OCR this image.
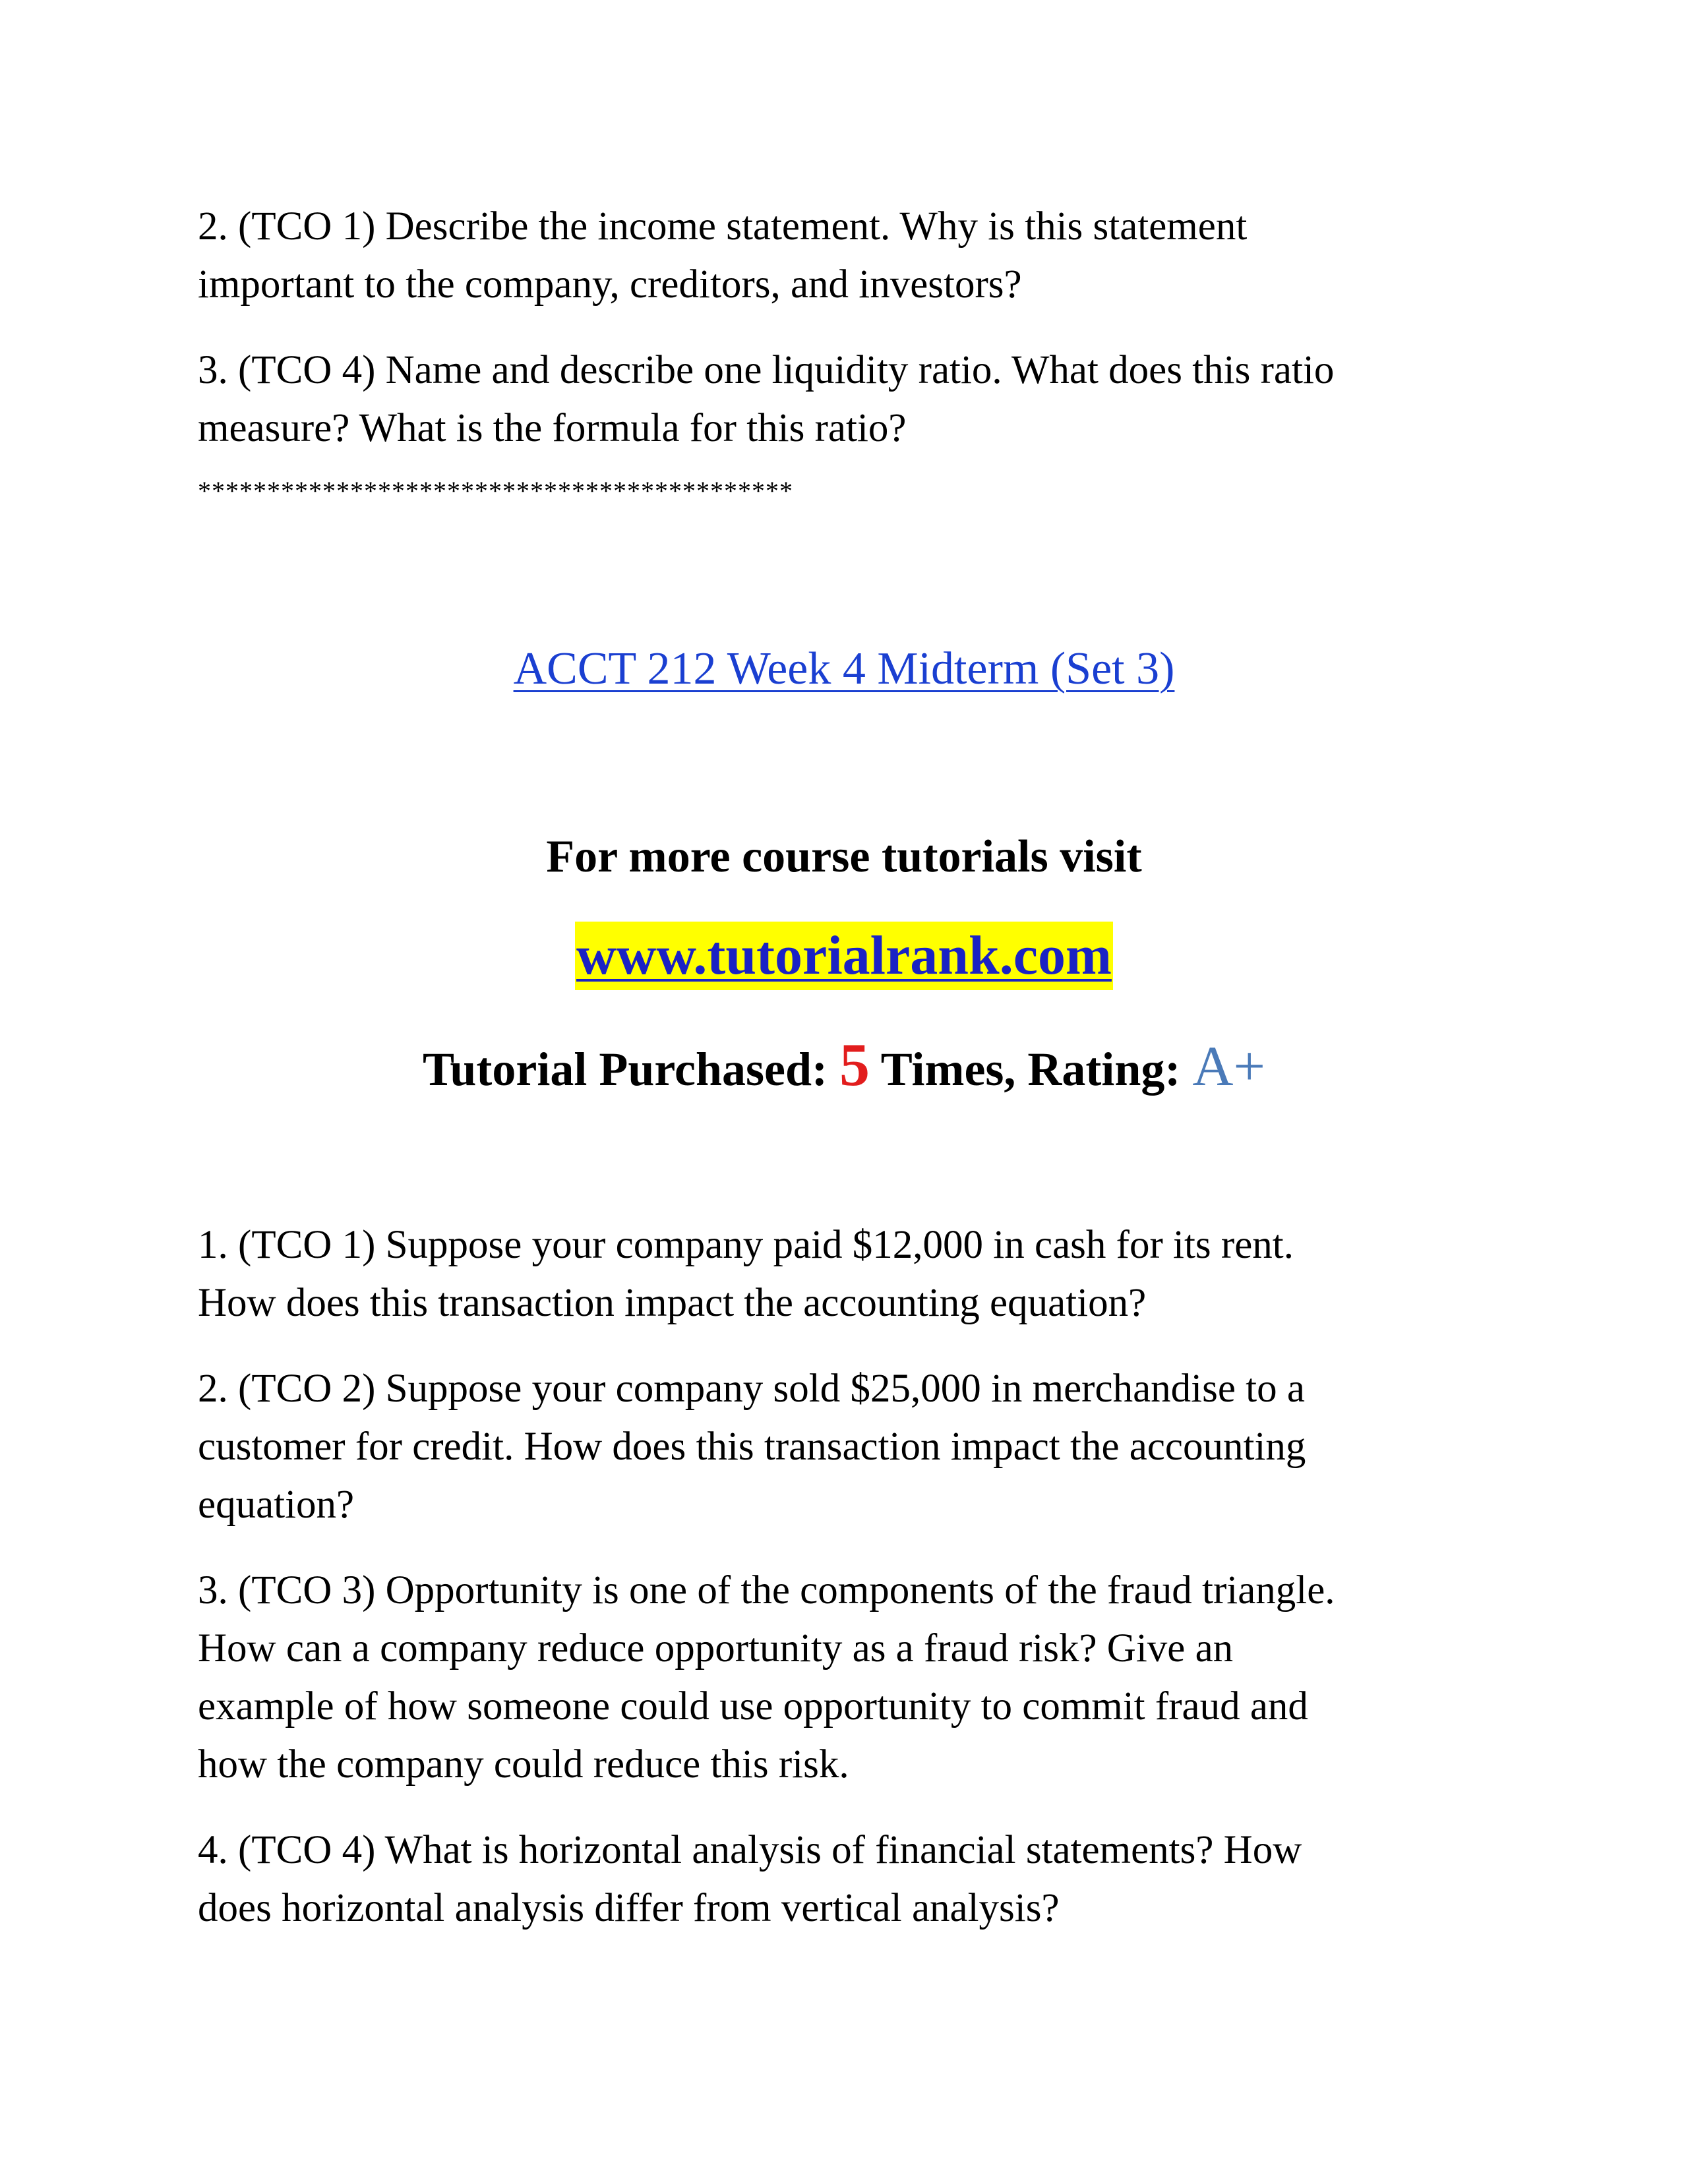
2. (TCO 1) Describe the income statement. Why is this statement
important to the company, creditors, and investors?

3. (TCO 4) Name and describe one liquidity ratio. What does this ratio
measure? What is the formula for this ratio?

*******************************************

ACCT 212 Week 4 Midterm (Set 3)

For more course tutorials visit

www.tutorialrank.com

Tutorial Purchased: 5 Times, Rating: A+

1. (TCO 1) Suppose your company paid $12,000 in cash for its rent.
How does this transaction impact the accounting equation?

2. (TCO 2) Suppose your company sold $25,000 in merchandise to a
customer for credit. How does this transaction impact the accounting
equation?

3. (TCO 3) Opportunity is one of the components of the fraud triangle.
How can a company reduce opportunity as a fraud risk? Give an
example of how someone could use opportunity to commit fraud and
how the company could reduce this risk.

4. (TCO 4) What is horizontal analysis of financial statements? How
does horizontal analysis differ from vertical analysis?
